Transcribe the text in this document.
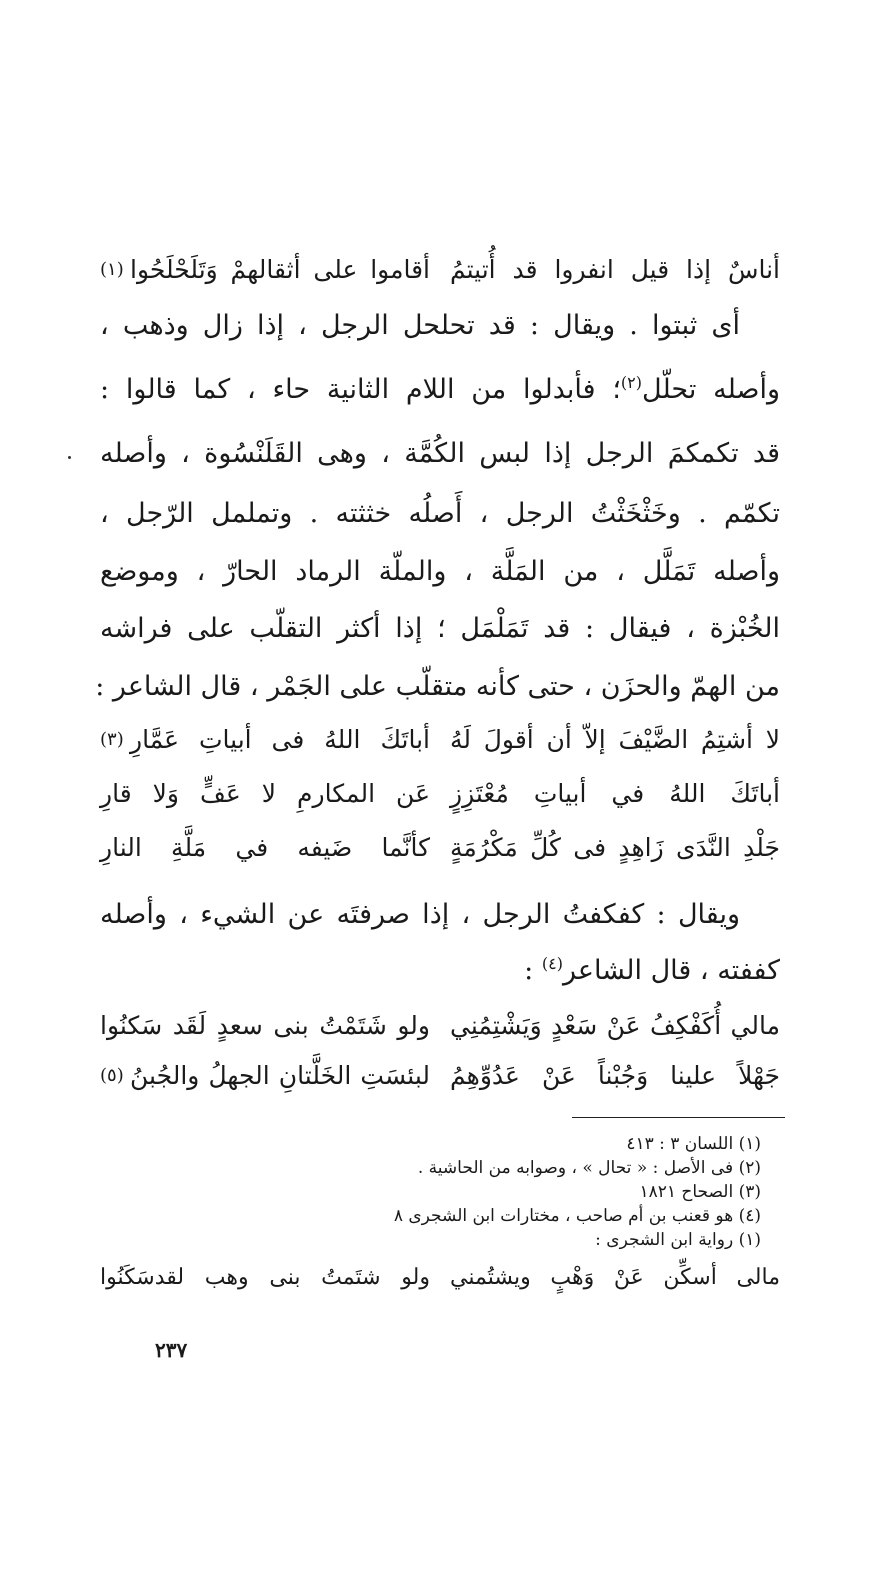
أناسٌ إذا قيل انفروا قد أُتيتمُ
أقاموا على أثقالهمْ وَتَلَحْلَحُوا
(١)
أى ثبتوا . ويقال : قد تحلحل الرجل ، إذا زال وذهب ،
وأصله تحلّل$^{(٢)}$؛ فأبدلوا من اللام الثانية حاء ، كما قالوا :
قد تكمكمَ الرجل إذا لبس الكُمَّة ، وهى القَلَنْسُوة ، وأصله
تكمّم . وخَثْخَثْتُ الرجل ، أَصلُه خثثته . وتململ الرّجل ،
وأصله تَمَلَّل ، من المَلَّة ، والملّة الرماد الحارّ ، وموضع
الخُبْزة ، فيقال : قد تَمَلْمَل ؛ إذا أكثر التقلّب على فراشه
من الهمّ والحزَن ، حتى كأنه متقلّب على الجَمْر ، قال الشاعر :
لا أشتِمُ الضَّيْفَ إلاّ أن أقولَ لَهُ
أباتَكَ اللهُ فى أبياتِ عَمَّارِ
(٣)
أباتَكَ اللهُ في أبياتِ مُعْتَزِزٍ
عَن المكارمِ لا عَفٍّ وَلا قارِ
جَلْدِ النَّدَى زَاهِدٍ فى كُلِّ مَكْرُمَةٍ
كأنَّما ضَيفه في مَلَّةِ النارِ
ويقال : كفكفتُ الرجل ، إذا صرفتَه عن الشيء ، وأصله
كففته ، قال الشاعر$^{(٤)}$ :
مالي أُكَفْكِفُ عَنْ سَعْدٍ وَيَشْتِمُنِي
ولو شَتَمْتُ بنى سعدٍ لَقَد سَكنُوا
جَهْلاً علينا وَجُبْناً عَنْ عَدُوِّهِمُ
لبئسَتِ الخَلَّتانِ الجهلُ والجُبنُ
(٥)
(١) اللسان ٣ : ٤١٣
(٢) فى الأصل : « تحال » ، وصوابه من الحاشية .
(٣) الصحاح ١٨٢١
(٤) هو قعنب بن أم صاحب ، مختارات ابن الشجرى ٨
(١) رواية ابن الشجرى :
مالى أسكِّن عَنْ وَهْبٍ ويشتُمني
ولو شتَمتُ بنى وهب لقدسَكَنُوا
٢٣٧
